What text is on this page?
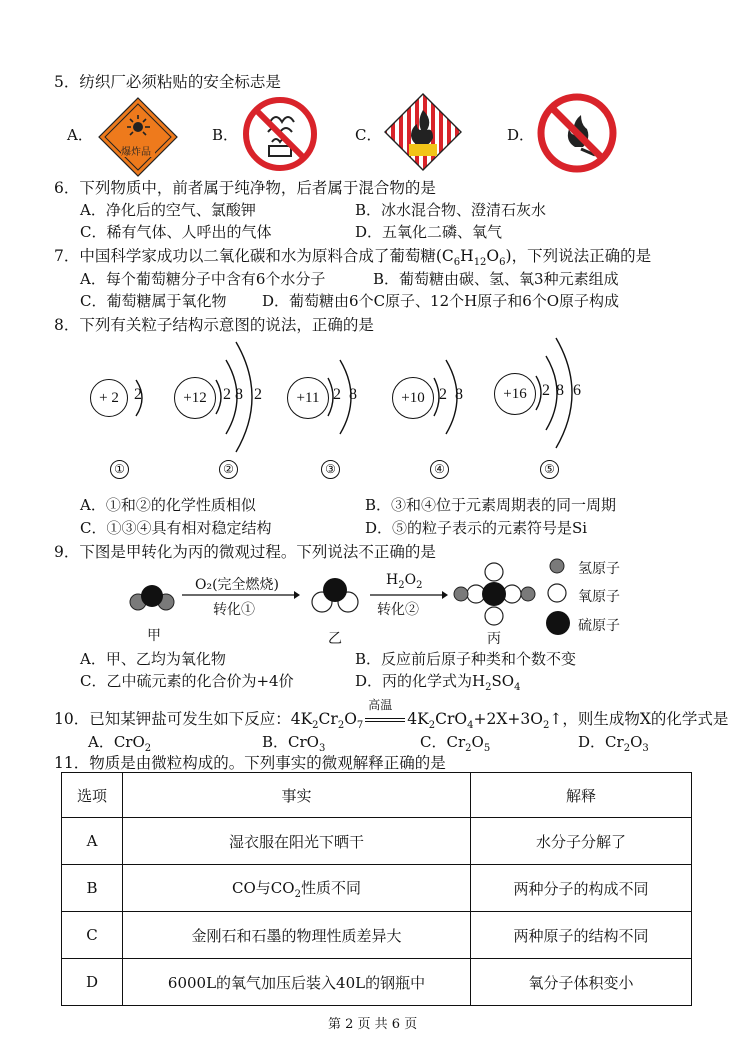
5．纺织厂必须粘贴的安全标志是
A．
爆炸品
B．	C．	D．
6．下列物质中，前者属于纯净物，后者属于混合物的是
A．净化后的空气、氯酸钾	B．冰水混合物、澄清石灰水
C．稀有气体、人呼出的气体	D．五氧化二磷、氧气
7．中国科学家成功以二氧化碳和水为原料合成了葡萄糖$(C_6H_{12}O_6)$，下列说法正确的是
A．每个葡萄糖分子中含有6个水分子	B．葡萄糖由碳、氢、氧3种元素组成
C．葡萄糖属于氧化物 D．葡萄糖由6个C原子、12个H原子和6个O原子构成
8．下列有关粒子结构示意图的说法，正确的是
+ 2 2
①
+12	2 8 2
②
+11 2 8
③
+10 2 8
④
+16 2 8 6
⑤
A．①和②的化学性质相似	B．③和④位于元素周期表的同一周期
C．①③④具有相对稳定结构	D．⑤的粒子表示的元素符号是Si
9．下图是甲转化为丙的微观过程。下列说法不正确的是
甲
O₂(完全燃烧)
转化①
乙
$H_2O_2$
转化②
丙
氢原子
氧原子
硫原子
A．甲、乙均为氧化物	B．反应前后原子种类和个数不变
C．乙中硫元素的化合价为+4价	D．丙的化学式为$H_2SO_4$
10．已知某钾盐可发生如下反应：$4K_2Cr_2O_7$
高温
$4K_2CrO_4+2X+3O_2↑$，则生成物X的化学式是
A．CrO$_2$	B．CrO$_3$	C．$Cr_2O_5$	D．$Cr_2O_3$
11．物质是由微粒构成的。下列事实的微观解释正确的是
选项	事实	解释
A	湿衣服在阳光下晒干	水分子分解了
B	CO与$CO_2$性质不同	两种分子的构成不同
C	金刚石和石墨的物理性质差异大	两种原子的结构不同
D	6000L的氧气加压后装入40L的钢瓶中	氧分子体积变小
第 2 页 共 6 页
